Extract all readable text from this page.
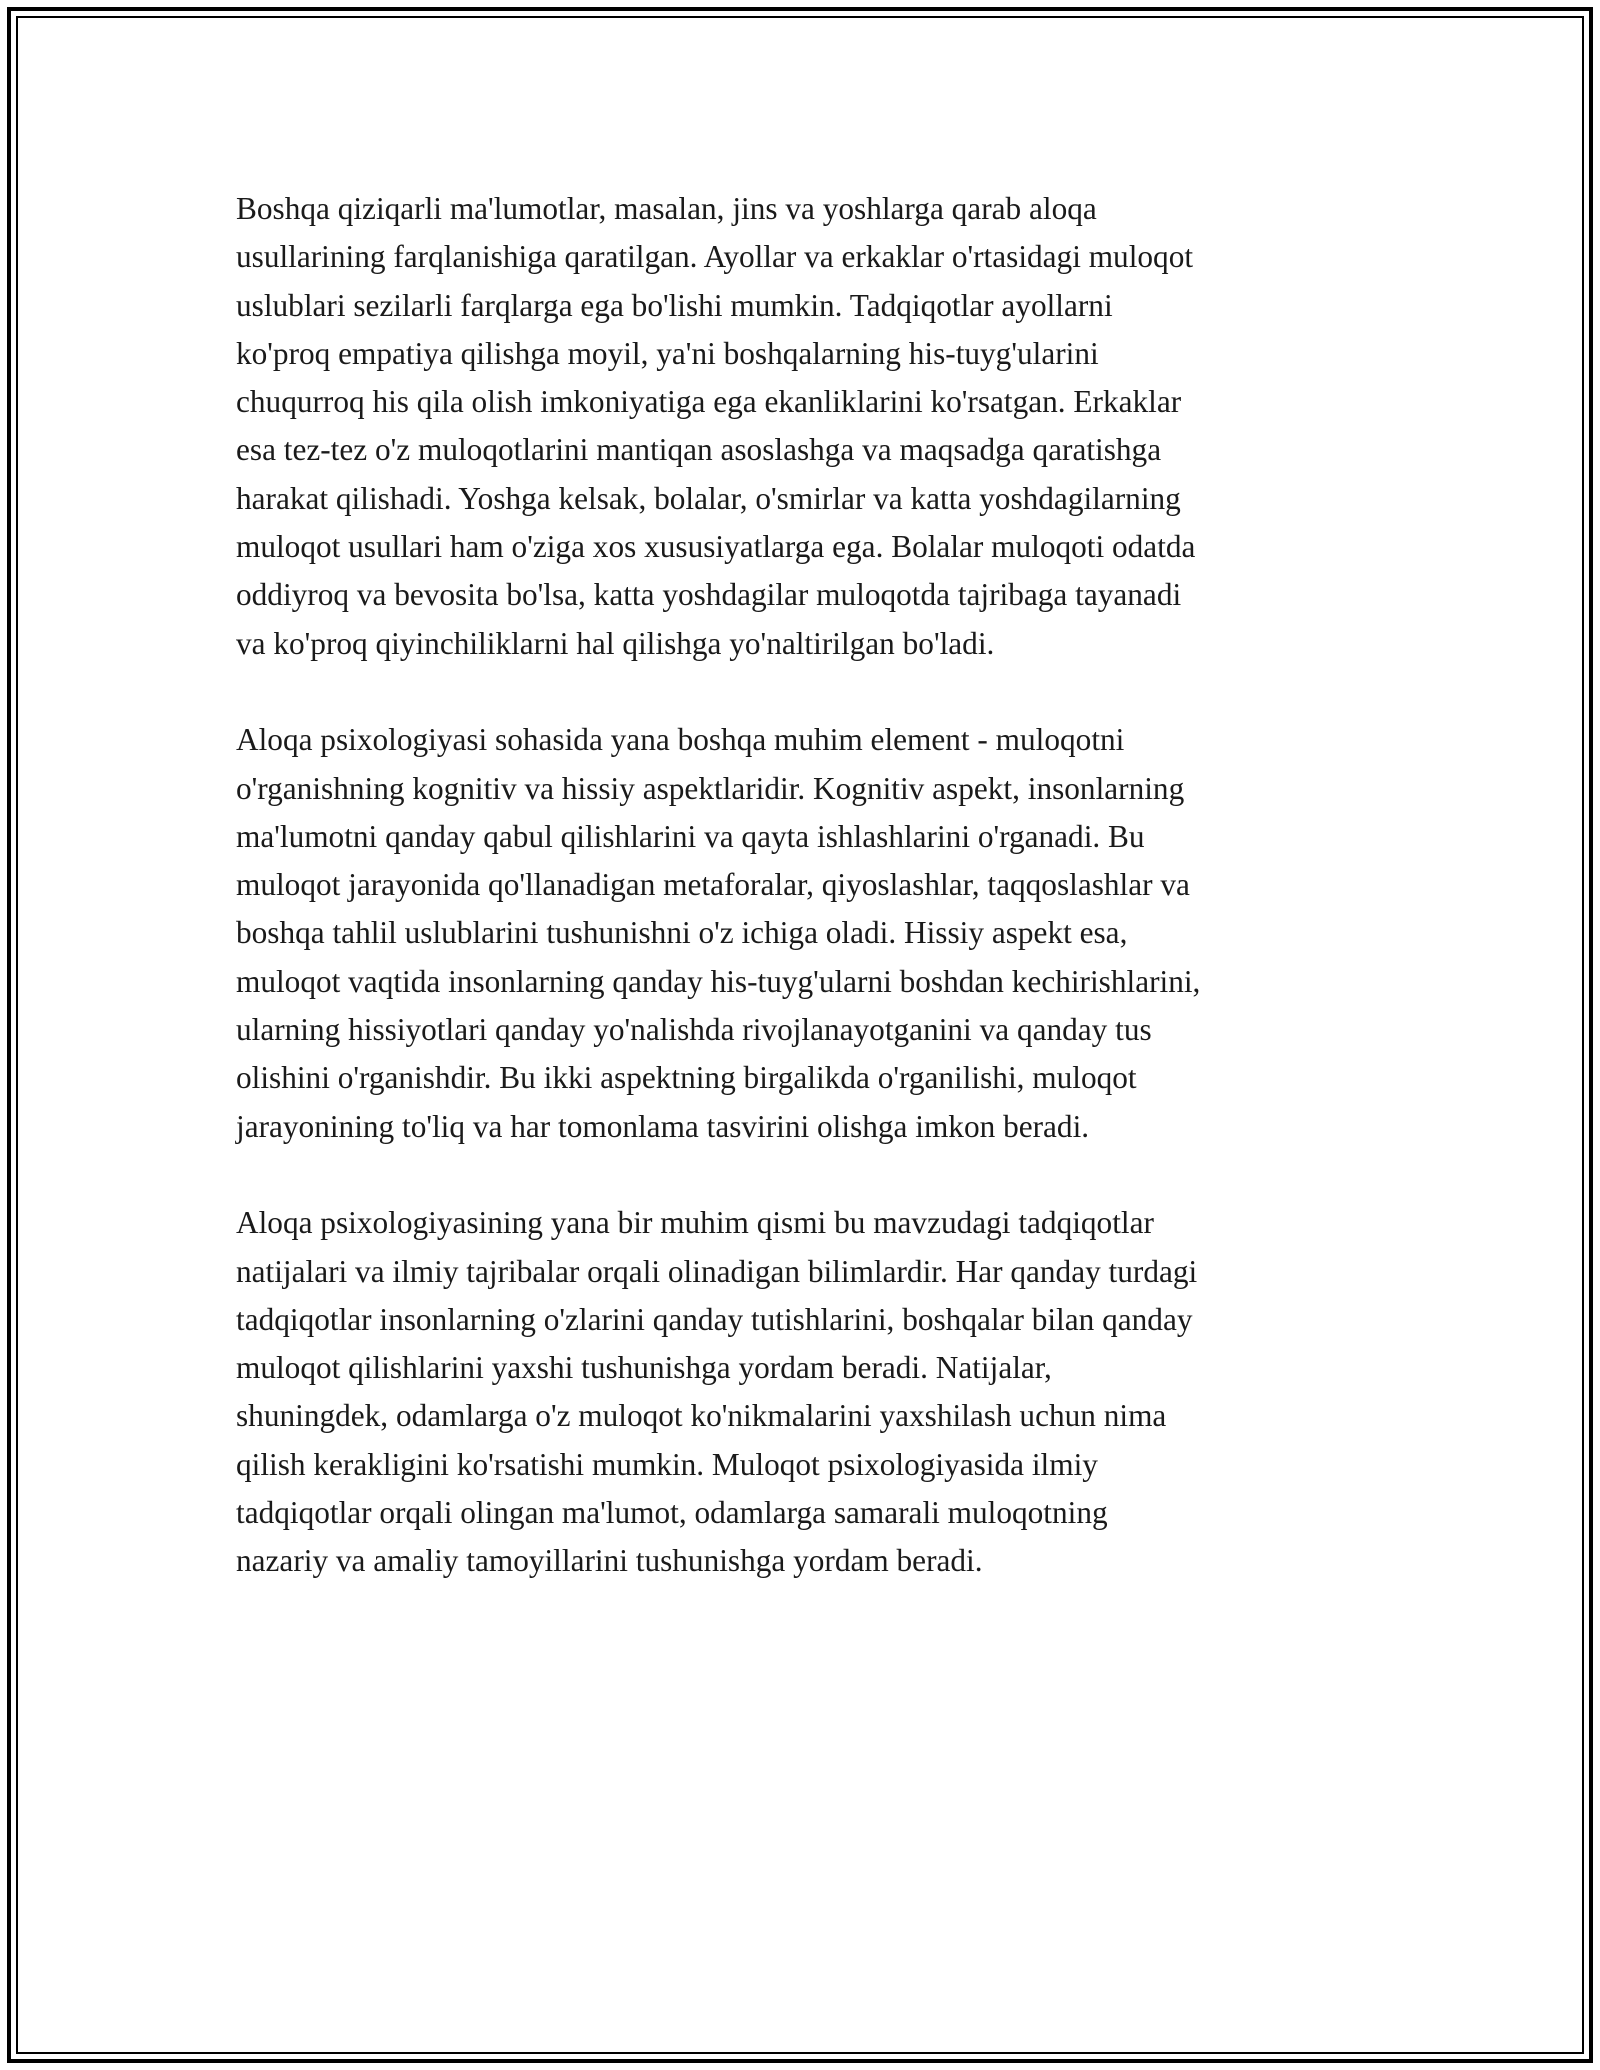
Boshqa qiziqarli ma'lumotlar, masalan, jins va yoshlarga qarab aloqa
usullarining farqlanishiga qaratilgan. Ayollar va erkaklar o'rtasidagi muloqot
uslublari sezilarli farqlarga ega bo'lishi mumkin. Tadqiqotlar ayollarni
ko'proq empatiya qilishga moyil, ya'ni boshqalarning his-tuyg'ularini
chuqurroq his qila olish imkoniyatiga ega ekanliklarini ko'rsatgan. Erkaklar
esa tez-tez o'z muloqotlarini mantiqan asoslashga va maqsadga qaratishga
harakat qilishadi. Yoshga kelsak, bolalar, o'smirlar va katta yoshdagilarning
muloqot usullari ham o'ziga xos xususiyatlarga ega. Bolalar muloqoti odatda
oddiyroq va bevosita bo'lsa, katta yoshdagilar muloqotda tajribaga tayanadi
va ko'proq qiyinchiliklarni hal qilishga yo'naltirilgan bo'ladi.

Aloqa psixologiyasi sohasida yana boshqa muhim element - muloqotni
o'rganishning kognitiv va hissiy aspektlaridir. Kognitiv aspekt, insonlarning
ma'lumotni qanday qabul qilishlarini va qayta ishlashlarini o'rganadi. Bu
muloqot jarayonida qo'llanadigan metaforalar, qiyoslashlar, taqqoslashlar va
boshqa tahlil uslublarini tushunishni o'z ichiga oladi. Hissiy aspekt esa,
muloqot vaqtida insonlarning qanday his-tuyg'ularni boshdan kechirishlarini,
ularning hissiyotlari qanday yo'nalishda rivojlanayotganini va qanday tus
olishini o'rganishdir. Bu ikki aspektning birgalikda o'rganilishi, muloqot
jarayonining to'liq va har tomonlama tasvirini olishga imkon beradi.

Aloqa psixologiyasining yana bir muhim qismi bu mavzudagi tadqiqotlar
natijalari va ilmiy tajribalar orqali olinadigan bilimlardir. Har qanday turdagi
tadqiqotlar insonlarning o'zlarini qanday tutishlarini, boshqalar bilan qanday
muloqot qilishlarini yaxshi tushunishga yordam beradi. Natijalar,
shuningdek, odamlarga o'z muloqot ko'nikmalarini yaxshilash uchun nima
qilish kerakligini ko'rsatishi mumkin. Muloqot psixologiyasida ilmiy
tadqiqotlar orqali olingan ma'lumot, odamlarga samarali muloqotning
nazariy va amaliy tamoyillarini tushunishga yordam beradi.
